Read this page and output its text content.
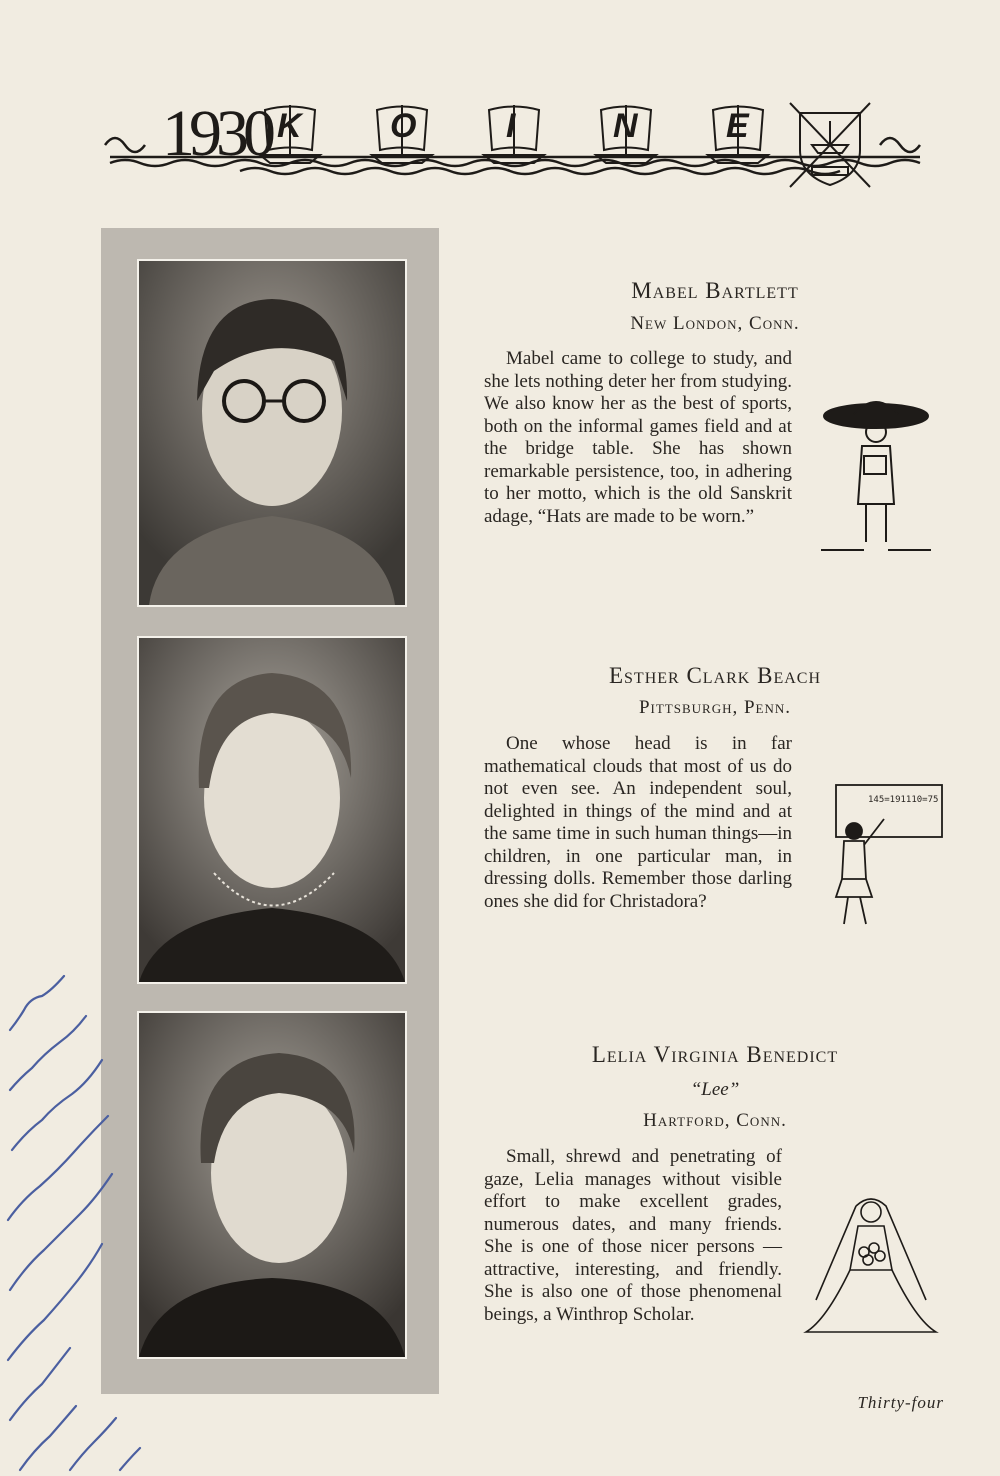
1930 K	O	I	N	E
Mabel Bartlett
New London, Conn.

Mabel came to college to study, and she lets nothing deter her from studying. We also know her as the best of sports, both on the informal games field and at the bridge table. She has shown remarkable persistence, too, in adhering to her motto, which is the old Sanskrit adage, “Hats are made to be worn.”

Esther Clark Beach
Pittsburgh, Penn.
145=191110=75

One whose head is in far mathematical clouds that most of us do not even see. An independent soul, delighted in things of the mind and at the same time in such human things—in children, in one particular man, in dressing dolls. Remember those darling ones she did for Christadora?

Lelia Virginia Benedict
“Lee”
Hartford, Conn.

Small, shrewd and penetrating of gaze, Lelia manages without visible effort to make excellent grades, numerous dates, and many friends. She is one of those nicer persons — attractive, interesting, and friendly. She is also one of those phenomenal beings, a Winthrop Scholar.

Thirty-four
